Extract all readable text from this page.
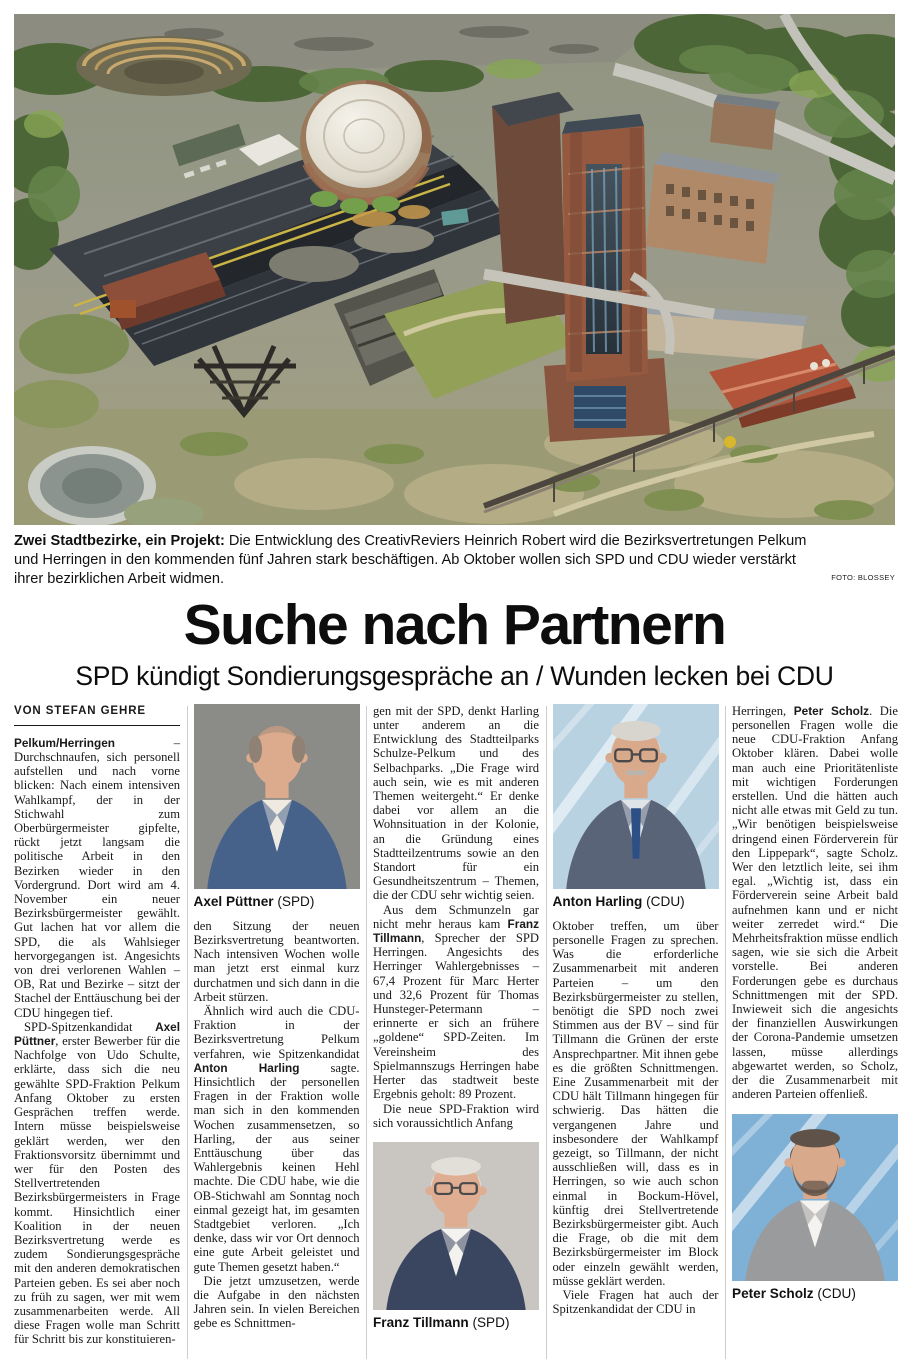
Zwei Stadtbezirke, ein Projekt: Die Entwicklung des CreativReviers Heinrich Robert wird die Bezirksvertretungen Pelkum und Herringen in den kommenden fünf Jahren stark beschäftigen. Ab Oktober wollen sich SPD und CDU wieder verstärkt ihrer bezirklichen Arbeit widmen.	FOTO: BLOSSEY
Suche nach Partnern
SPD kündigt Sondierungsgespräche an / Wunden lecken bei CDU
VON STEFAN GEHRE

Pelkum/Herringen – Durchschnaufen, sich personell aufstellen und nach vorne blicken: Nach einem intensiven Wahlkampf, der in der Stichwahl zum Oberbürgermeister gipfelte, rückt jetzt langsam die politische Arbeit in den Bezirken wieder in den Vordergrund. Dort wird am 4. November ein neuer Bezirksbürgermeister gewählt. Gut lachen hat vor allem die SPD, die als Wahlsieger hervorgegangen ist. Angesichts von drei verlorenen Wahlen – OB, Rat und Bezirke – sitzt der Stachel der Enttäuschung bei der CDU hingegen tief.

SPD-Spitzenkandidat Axel Püttner, erster Bewerber für die Nachfolge von Udo Schulte, erklärte, dass sich die neu gewählte SPD-Fraktion Pelkum Anfang Oktober zu ersten Gesprächen treffen werde. Intern müsse beispielsweise geklärt werden, wer den Fraktionsvorsitz übernimmt und wer für den Posten des Stellvertretenden Bezirksbürgermeisters in Frage kommt. Hinsichtlich einer Koalition in der neuen Bezirksvertretung werde es zudem Sondierungsgespräche mit den anderen demokratischen Parteien geben. Es sei aber noch zu früh zu sagen, wer mit wem zusammenarbeiten werde. All diese Fragen wolle man Schritt für Schritt bis zur konstituieren-

Axel Püttner (SPD)

den Sitzung der neuen Bezirksvertretung beantworten. Nach intensiven Wochen wolle man jetzt erst einmal kurz durchatmen und sich dann in die Arbeit stürzen.

Ähnlich wird auch die CDU-Fraktion in der Bezirksvertretung Pelkum verfahren, wie Spitzenkandidat Anton Harling sagte. Hinsichtlich der personellen Fragen in der Fraktion wolle man sich in den kommenden Wochen zusammensetzen, so Harling, der aus seiner Enttäuschung über das Wahlergebnis keinen Hehl machte. Die CDU habe, wie die OB-Stichwahl am Sonntag noch einmal gezeigt hat, im gesamten Stadtgebiet verloren. „Ich denke, dass wir vor Ort dennoch eine gute Arbeit geleistet und gute Themen gesetzt haben.“

Die jetzt umzusetzen, werde die Aufgabe in den nächsten Jahren sein. In vielen Bereichen gebe es Schnittmen-

gen mit der SPD, denkt Harling unter anderem an die Entwicklung des Stadtteilparks Schulze-Pelkum und des Selbachparks. „Die Frage wird auch sein, wie es mit anderen Themen weitergeht.“ Er denke dabei vor allem an die Wohnsituation in der Kolonie, an die Gründung eines Stadtteilzentrums sowie an den Standort für ein Gesundheitszentrum – Themen, die der CDU sehr wichtig seien.

Aus dem Schmunzeln gar nicht mehr heraus kam Franz Tillmann, Sprecher der SPD Herringen. Angesichts des Herringer Wahlergebnisses – 67,4 Prozent für Marc Herter und 32,6 Prozent für Thomas Hunsteger-Petermann – erinnerte er sich an frühere „goldene“ SPD-Zeiten. Im Vereinsheim des Spielmannszugs Herringen habe Herter das stadtweit beste Ergebnis geholt: 89 Prozent.

Die neue SPD-Fraktion wird sich voraussichtlich Anfang

Franz Tillmann (SPD)
Anton Harling (CDU)

Oktober treffen, um über personelle Fragen zu sprechen. Was die erforderliche Zusammenarbeit mit anderen Parteien – um den Bezirksbürgermeister zu stellen, benötigt die SPD noch zwei Stimmen aus der BV – sind für Tillmann die Grünen der erste Ansprechpartner. Mit ihnen gebe es die größten Schnittmengen. Eine Zusammenarbeit mit der CDU hält Tillmann hingegen für schwierig. Das hätten die vergangenen Jahre und insbesondere der Wahlkampf gezeigt, so Tillmann, der nicht ausschließen will, dass es in Herringen, so wie auch schon einmal in Bockum-Hövel, künftig drei Stellvertretende Bezirksbürgermeister gibt. Auch die Frage, ob die mit dem Bezirksbürgermeister im Block oder einzeln gewählt werden, müsse geklärt werden.

Viele Fragen hat auch der Spitzenkandidat der CDU in

Herringen, Peter Scholz. Die personellen Fragen wolle die neue CDU-Fraktion Anfang Oktober klären. Dabei wolle man auch eine Prioritätenliste mit wichtigen Forderungen erstellen. Und die hätten auch nicht alle etwas mit Geld zu tun. „Wir benötigen beispielsweise dringend einen Förderverein für den Lippepark“, sagte Scholz. Wer den letztlich leite, sei ihm egal. „Wichtig ist, dass ein Förderverein seine Arbeit bald aufnehmen kann und er nicht weiter zerredet wird.“ Die Mehrheitsfraktion müsse endlich sagen, wie sie sich die Arbeit vorstelle. Bei anderen Forderungen gebe es durchaus Schnittmengen mit der SPD. Inwieweit sich die angesichts der finanziellen Auswirkungen der Corona-Pandemie umsetzen lassen, müsse allerdings abgewartet werden, so Scholz, der die Zusammenarbeit mit anderen Parteien offenließ.

Peter Scholz (CDU)
